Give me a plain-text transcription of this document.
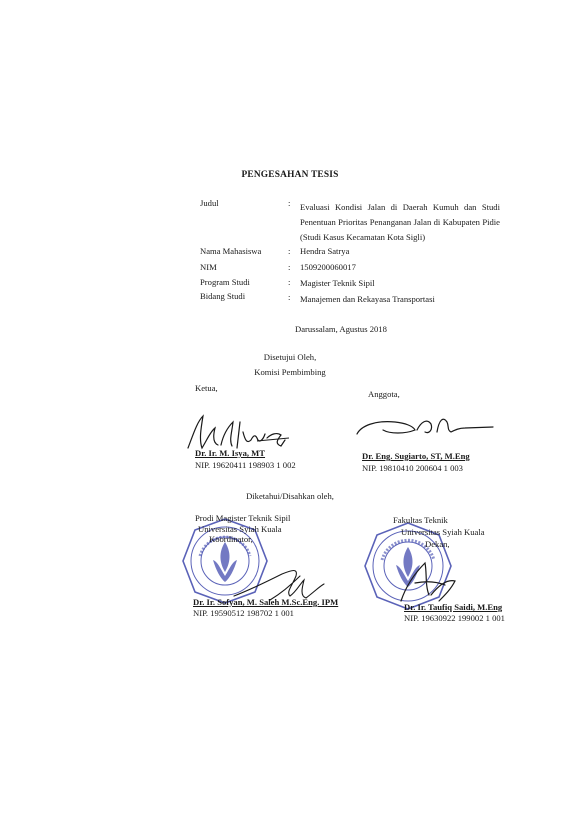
PENGESAHAN TESIS
Judul	: Evaluasi Kondisi Jalan di Daerah Kumuh dan Studi Penentuan Prioritas Penanganan Jalan di Kabupaten Pidie (Studi Kasus Kecamatan Kota Sigli)
Nama Mahasiswa	: Hendra Satrya
NIM	: 1509200060017
Program Studi	: Magister Teknik Sipil
Bidang Studi	: Manajemen dan Rekayasa Transportasi
Darussalam, Agustus 2018
Disetujui Oleh,
Komisi Pembimbing
Ketua,
Anggota,
Dr. Ir. M. Isya, MT
NIP. 19620411 198903 1 002
Dr. Eng. Sugiarto, ST, M.Eng
NIP. 19810410 200604 1 003
Diketahui/Disahkan oleh,
Prodi Magister Teknik Sipil
Universitas Syiah Kuala
Koordinator,
Dr. Ir. Sofyan, M. Saleh M.Sc.Eng. IPM
NIP. 19590512 198702 1 001
Fakultas Teknik
Universitas Syiah Kuala
Dekan,
Dr. Ir. Taufiq Saidi, M.Eng
NIP. 19630922 199002 1 001
